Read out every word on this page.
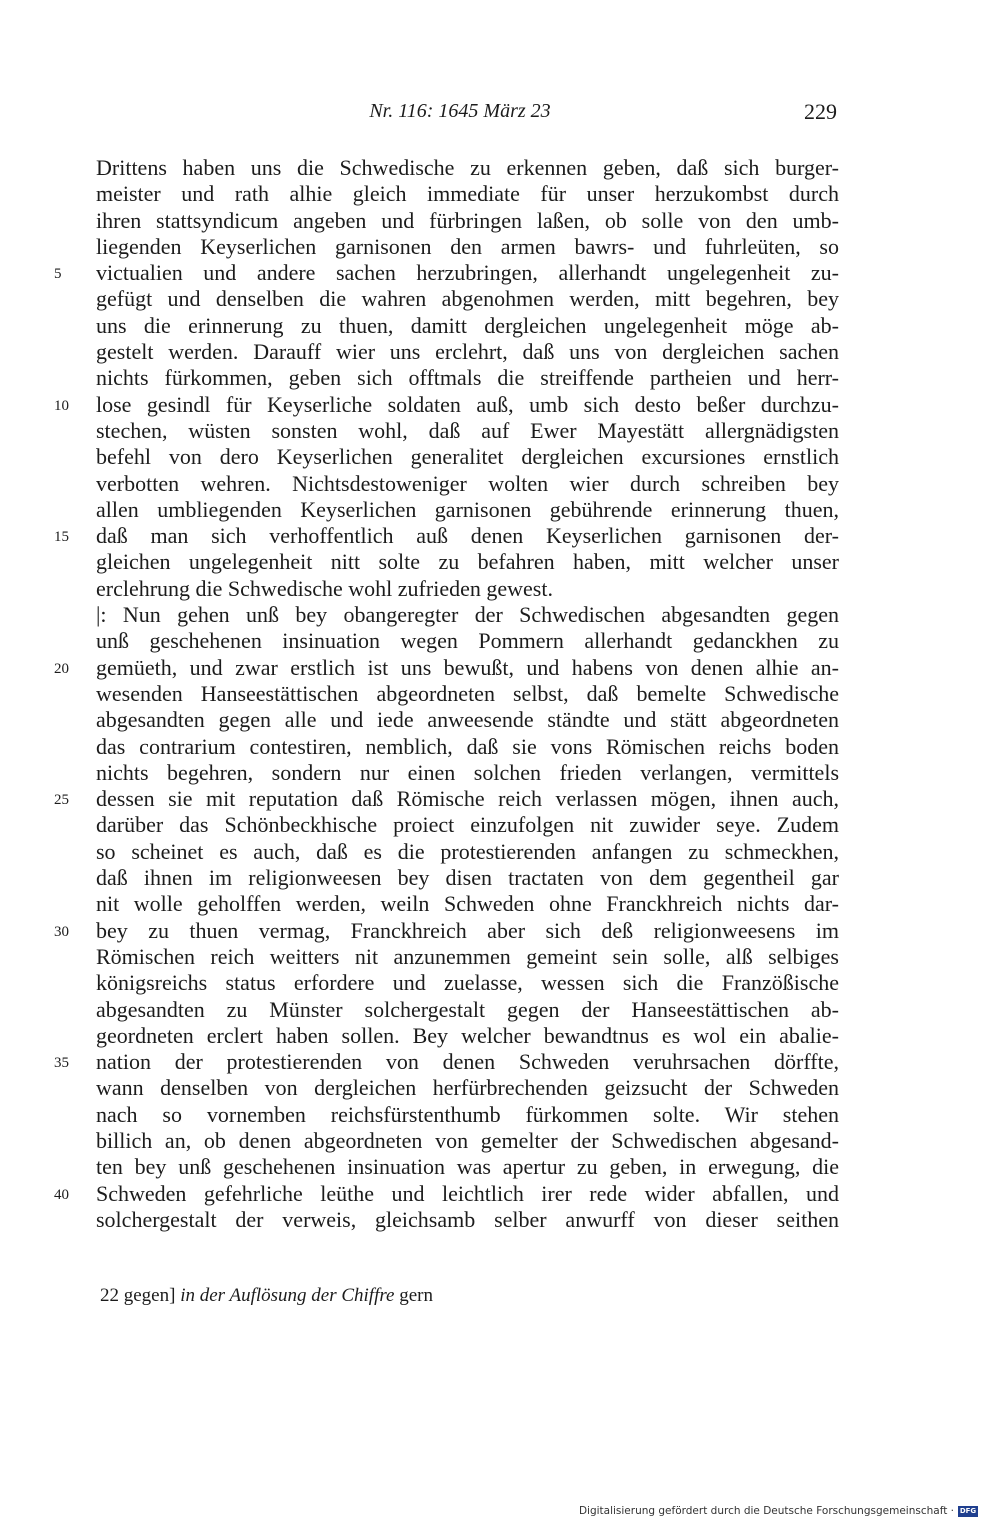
Nr. 116: 1645 März 23	229
Drittens haben uns die Schwedische zu erkennen geben, daß sich burger-
meister und rath alhie gleich immediate für unser herzukombst durch
ihren stattsyndicum angeben und fürbringen laßen, ob solle von den umb-
liegenden Keyserlichen garnisonen den armen bawrs- und fuhrleüten, so
5	victualien und andere sachen herzubringen, allerhandt ungelegenheit zu-
gefügt und denselben die wahren abgenohmen werden, mitt begehren, bey
uns die erinnerung zu thuen, damitt dergleichen ungelegenheit möge ab-
gestelt werden. Darauff wier uns erclehrt, daß uns von dergleichen sachen
nichts fürkommen, geben sich offtmals die streiffende partheien und herr-
10	lose gesindl für Keyserliche soldaten auß, umb sich desto beßer durchzu-
stechen, wüsten sonsten wohl, daß auf Ewer Mayestätt allergnädigsten
befehl von dero Keyserlichen generalitet dergleichen excursiones ernstlich
verbotten wehren. Nichtsdestoweniger wolten wier durch schreiben bey
allen umbliegenden Keyserlichen garnisonen gebührende erinnerung thuen,
15	daß man sich verhoffentlich auß denen Keyserlichen garnisonen der-
gleichen ungelegenheit nitt solte zu befahren haben, mitt welcher unser
erclehrung die Schwedische wohl zufrieden gewest.
|: Nun gehen unß bey obangeregter der Schwedischen abgesandten gegen
unß geschehenen insinuation wegen Pommern allerhandt gedanckhen zu
20	gemüeth, und zwar erstlich ist uns bewußt, und habens von denen alhie an-
wesenden Hanseestättischen abgeordneten selbst, daß bemelte Schwedische
abgesandten gegen alle und iede anweesende ständte und stätt abgeordneten
das contrarium contestiren, nemblich, daß sie vons Römischen reichs boden
nichts begehren, sondern nur einen solchen frieden verlangen, vermittels
25	dessen sie mit reputation daß Römische reich verlassen mögen, ihnen auch,
darüber das Schönbeckhische proiect einzufolgen nit zuwider seye. Zudem
so scheinet es auch, daß es die protestierenden anfangen zu schmeckhen,
daß ihnen im religionweesen bey disen tractaten von dem gegentheil gar
nit wolle geholffen werden, weiln Schweden ohne Franckhreich nichts dar-
30	bey zu thuen vermag, Franckhreich aber sich deß religionweesens im
Römischen reich weitters nit anzunemmen gemeint sein solle, alß selbiges
königsreichs status erfordere und zuelasse, wessen sich die Franzößische
abgesandten zu Münster solchergestalt gegen der Hanseestättischen ab-
geordneten erclert haben sollen. Bey welcher bewandtnus es wol ein abalie-
35	nation der protestierenden von denen Schweden veruhrsachen dörffte,
wann denselben von dergleichen herfürbrechenden geizsucht der Schweden
nach so vornemben reichsfürstenthumb fürkommen solte. Wir stehen
billich an, ob denen abgeordneten von gemelter der Schwedischen abgesand-
ten bey unß geschehenen insinuation was apertur zu geben, in erwegung, die
40	Schweden gefehrliche leüthe und leichtlich irer rede wider abfallen, und
solchergestalt der verweis, gleichsamb selber anwurff von dieser seithen
22 gegen] in der Auflösung der Chiffre gern
Digitalisierung gefördert durch die Deutsche Forschungsgemeinschaft · DFG
